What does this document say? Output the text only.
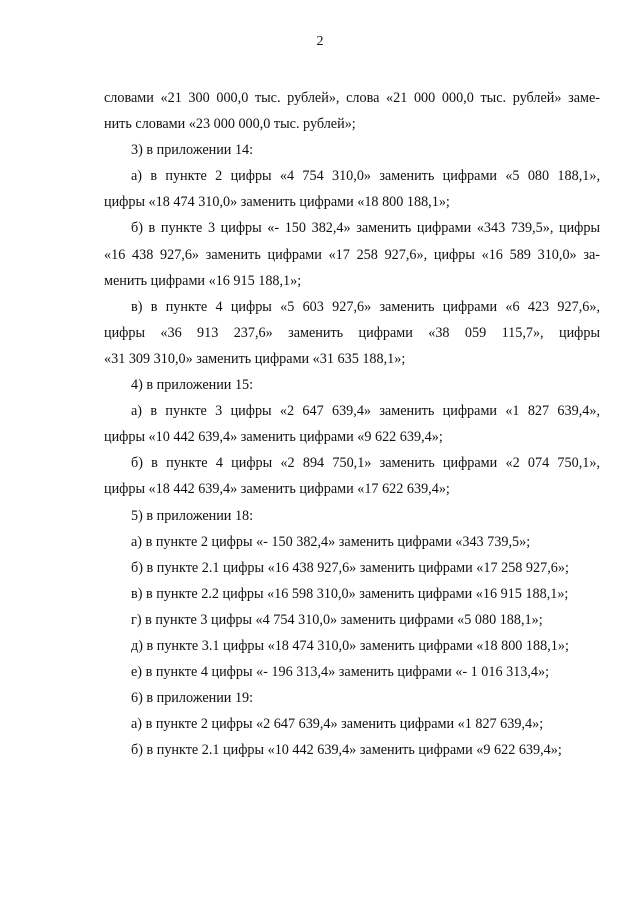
2
словами «21 300 000,0 тыс. рублей», слова «21 000 000,0 тыс. рублей» заме-
нить словами «23 000 000,0 тыс. рублей»;
3) в приложении 14:
а) в пункте 2 цифры «4 754 310,0» заменить цифрами «5 080 188,1»,
цифры «18 474 310,0» заменить цифрами «18 800 188,1»;
б) в пункте 3 цифры «- 150 382,4» заменить цифрами «343 739,5», цифры
«16 438 927,6» заменить цифрами «17 258 927,6», цифры «16 589 310,0» за-
менить цифрами «16 915 188,1»;
в) в пункте 4 цифры «5 603 927,6» заменить цифрами «6 423 927,6»,
цифры «36 913 237,6» заменить цифрами «38 059 115,7», цифры
«31 309 310,0» заменить цифрами «31 635 188,1»;
4) в приложении 15:
а) в пункте 3 цифры «2 647 639,4» заменить цифрами «1 827 639,4»,
цифры «10 442 639,4» заменить цифрами «9 622 639,4»;
б) в пункте 4 цифры «2 894 750,1» заменить цифрами «2 074 750,1»,
цифры «18 442 639,4» заменить цифрами «17 622 639,4»;
5) в приложении 18:
а) в пункте 2 цифры «- 150 382,4» заменить цифрами «343 739,5»;
б) в пункте 2.1 цифры «16 438 927,6» заменить цифрами «17 258 927,6»;
в) в пункте 2.2 цифры «16 598 310,0» заменить цифрами «16 915 188,1»;
г) в пункте 3 цифры «4 754 310,0» заменить цифрами «5 080 188,1»;
д) в пункте 3.1 цифры «18 474 310,0» заменить цифрами «18 800 188,1»;
е) в пункте 4 цифры «- 196 313,4» заменить цифрами «- 1 016 313,4»;
6) в приложении 19:
а) в пункте 2 цифры «2 647 639,4» заменить цифрами «1 827 639,4»;
б) в пункте 2.1 цифры «10 442 639,4» заменить цифрами «9 622 639,4»;
